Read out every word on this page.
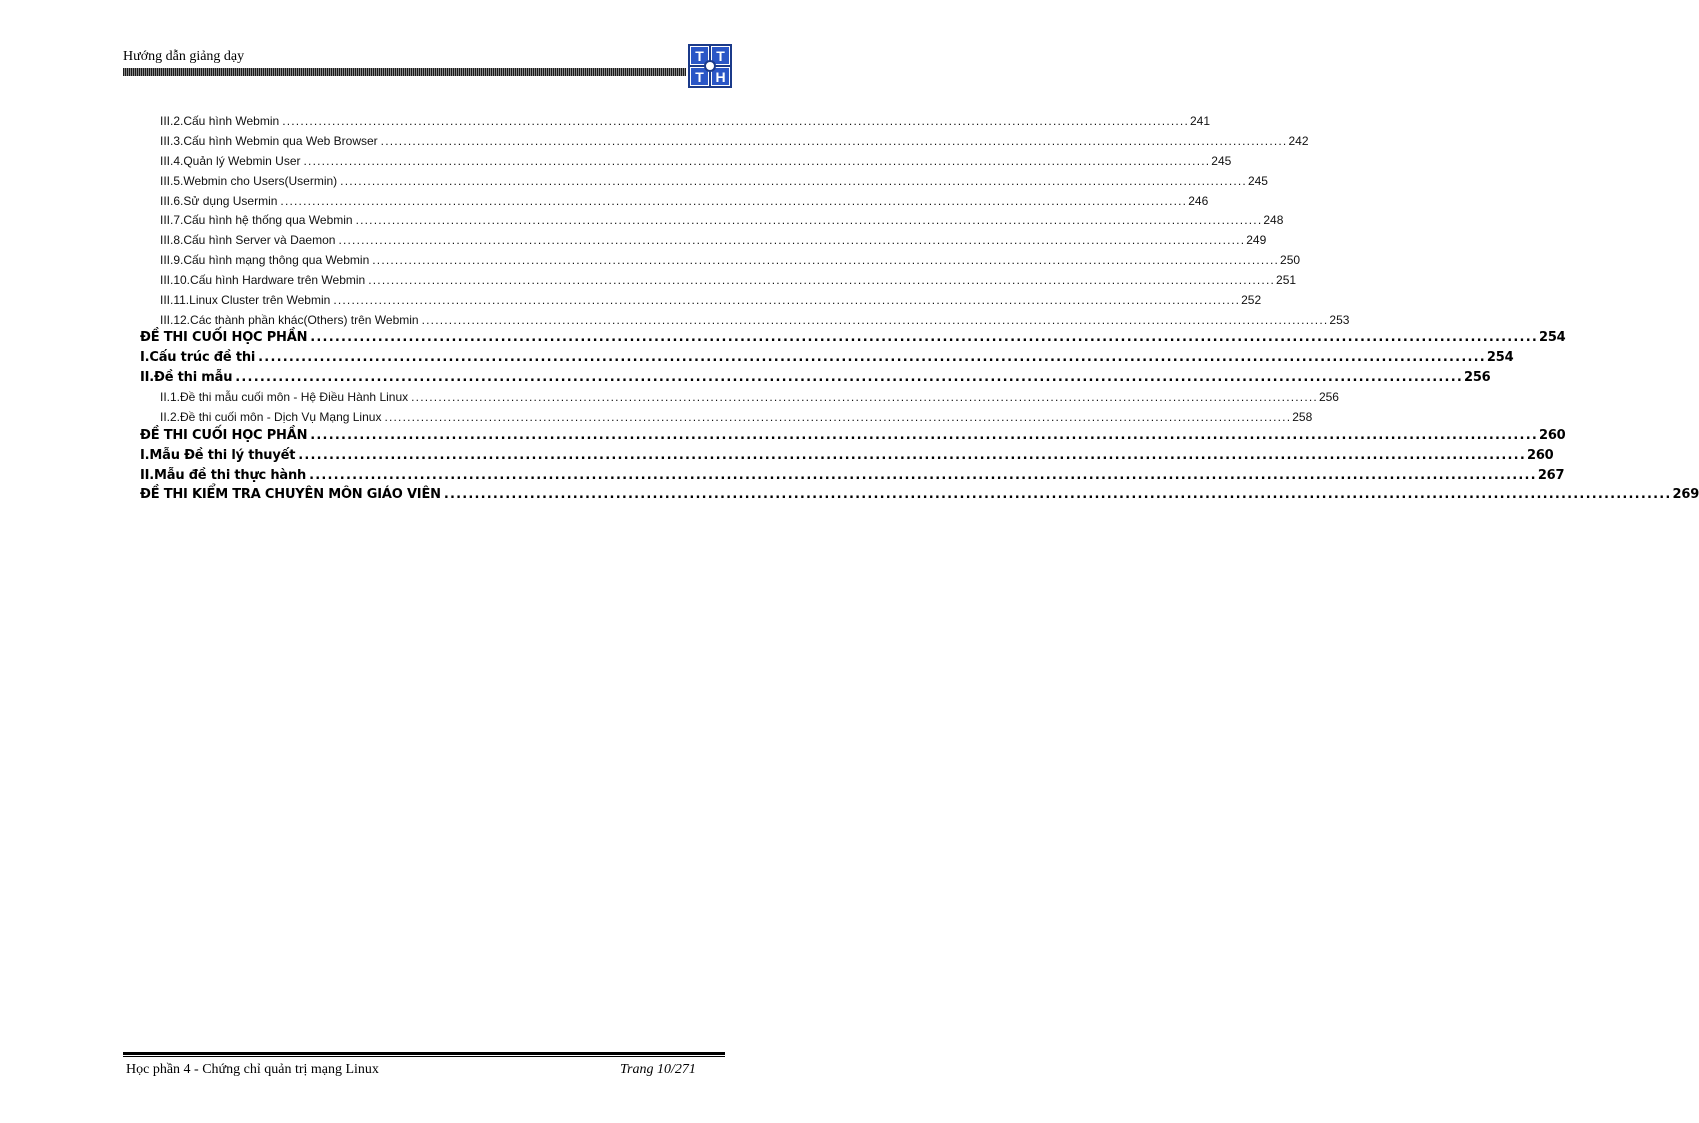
Hướng dẫn giảng dạy	T T
T H
III.2. Cấu hình Webmin ........................................................................................................................................................................................................ 241
III.3. Cấu hình Webmin qua Web Browser ........................................................................................................................................................................................................ 242
III.4. Quản lý Webmin User ........................................................................................................................................................................................................ 245
III.5. Webmin cho Users(Usermin) ........................................................................................................................................................................................................ 245
III.6. Sử dụng Usermin ........................................................................................................................................................................................................ 246
III.7. Cấu hình hệ thống qua Webmin ........................................................................................................................................................................................................ 248
III.8. Cấu hình Server và Daemon ........................................................................................................................................................................................................ 249
III.9. Cấu hình mạng thông qua Webmin ........................................................................................................................................................................................................ 250
III.10. Cấu hình Hardware trên Webmin ........................................................................................................................................................................................................ 251
III.11. Linux Cluster trên Webmin ........................................................................................................................................................................................................ 252
III.12. Các thành phần khác(Others) trên Webmin ........................................................................................................................................................................................................ 253
ĐỀ THI CUỐI HỌC PHẦN ........................................................................................................................................................................................................ 254
I. Cấu trúc đề thi ........................................................................................................................................................................................................ 254
II. Đề thi mẫu ........................................................................................................................................................................................................ 256
II.1. Đề thi mẫu cuối môn - Hệ Điều Hành Linux ........................................................................................................................................................................................................ 256
II.2. Đề thi cuối môn - Dịch Vụ Mạng Linux ........................................................................................................................................................................................................ 258
ĐỀ THI CUỐI HỌC PHẦN ........................................................................................................................................................................................................ 260
I. Mẫu Đề thi lý thuyết ........................................................................................................................................................................................................ 260
II. Mẫu đề thi thực hành ........................................................................................................................................................................................................ 267
ĐỀ THI KIỂM TRA CHUYÊN MÔN GIÁO VIÊN ........................................................................................................................................................................................................ 269
Học phần 4 - Chứng chỉ quản trị mạng Linux	Trang 10/271
